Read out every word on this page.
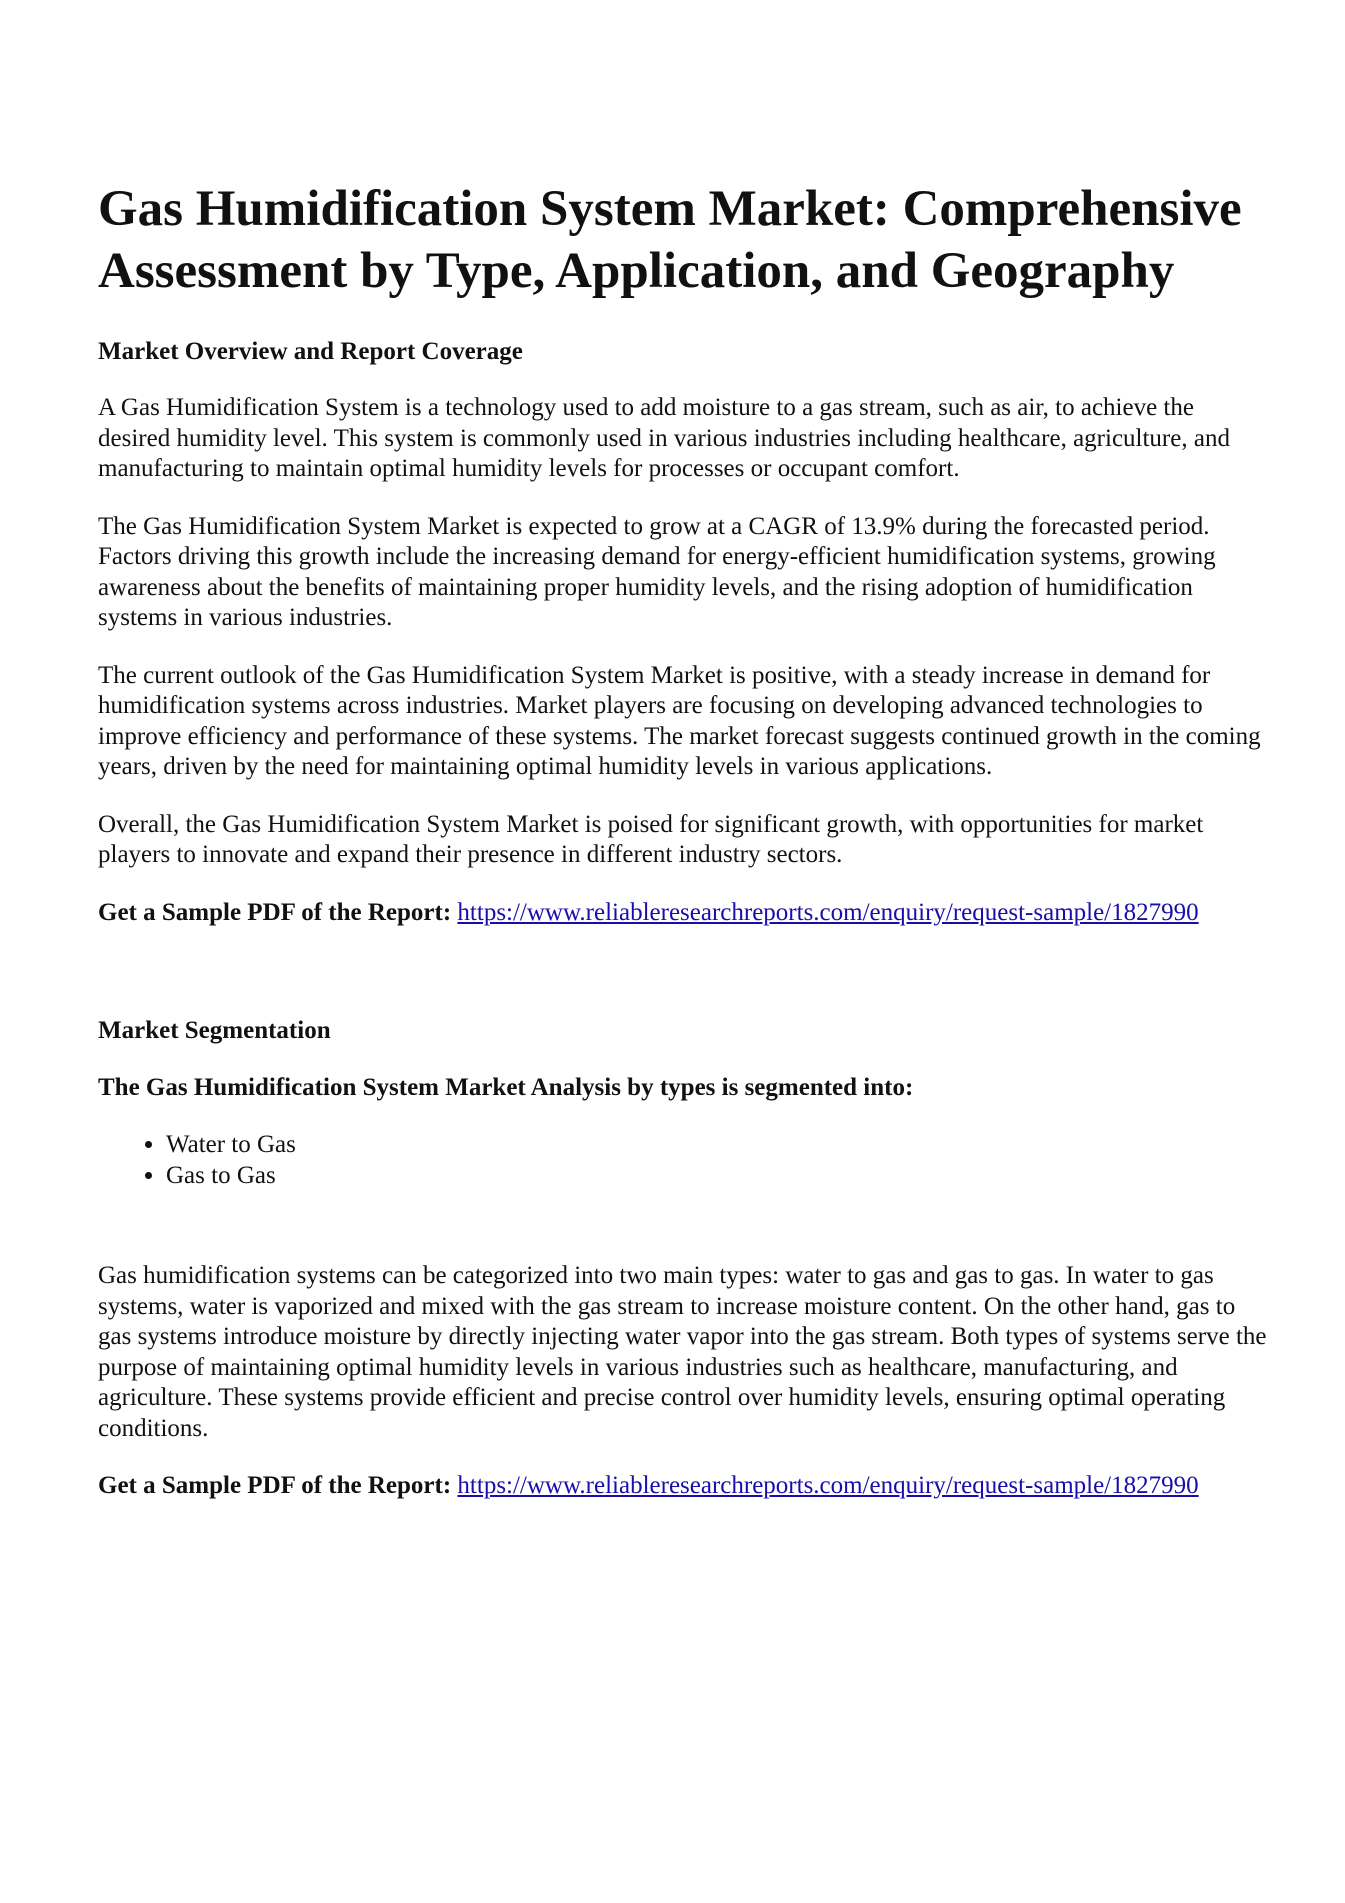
Gas Humidification System Market: Comprehensive Assessment by Type, Application, and Geography
Market Overview and Report Coverage

A Gas Humidification System is a technology used to add moisture to a gas stream, such as air, to achieve the desired humidity level. This system is commonly used in various industries including healthcare, agriculture, and manufacturing to maintain optimal humidity levels for processes or occupant comfort.

The Gas Humidification System Market is expected to grow at a CAGR of 13.9% during the forecasted period. Factors driving this growth include the increasing demand for energy-efficient humidification systems, growing awareness about the benefits of maintaining proper humidity levels, and the rising adoption of humidification systems in various industries.

The current outlook of the Gas Humidification System Market is positive, with a steady increase in demand for humidification systems across industries. Market players are focusing on developing advanced technologies to improve efficiency and performance of these systems. The market forecast suggests continued growth in the coming years, driven by the need for maintaining optimal humidity levels in various applications.

Overall, the Gas Humidification System Market is poised for significant growth, with opportunities for market players to innovate and expand their presence in different industry sectors.

Get a Sample PDF of the Report: https://www.reliableresearchreports.com/enquiry/request-sample/1827990

Market Segmentation
The Gas Humidification System Market Analysis by types is segmented into:
• Water to Gas
• Gas to Gas

Gas humidification systems can be categorized into two main types: water to gas and gas to gas. In water to gas systems, water is vaporized and mixed with the gas stream to increase moisture content. On the other hand, gas to gas systems introduce moisture by directly injecting water vapor into the gas stream. Both types of systems serve the purpose of maintaining optimal humidity levels in various industries such as healthcare, manufacturing, and agriculture. These systems provide efficient and precise control over humidity levels, ensuring optimal operating conditions.

Get a Sample PDF of the Report: https://www.reliableresearchreports.com/enquiry/request-sample/1827990
